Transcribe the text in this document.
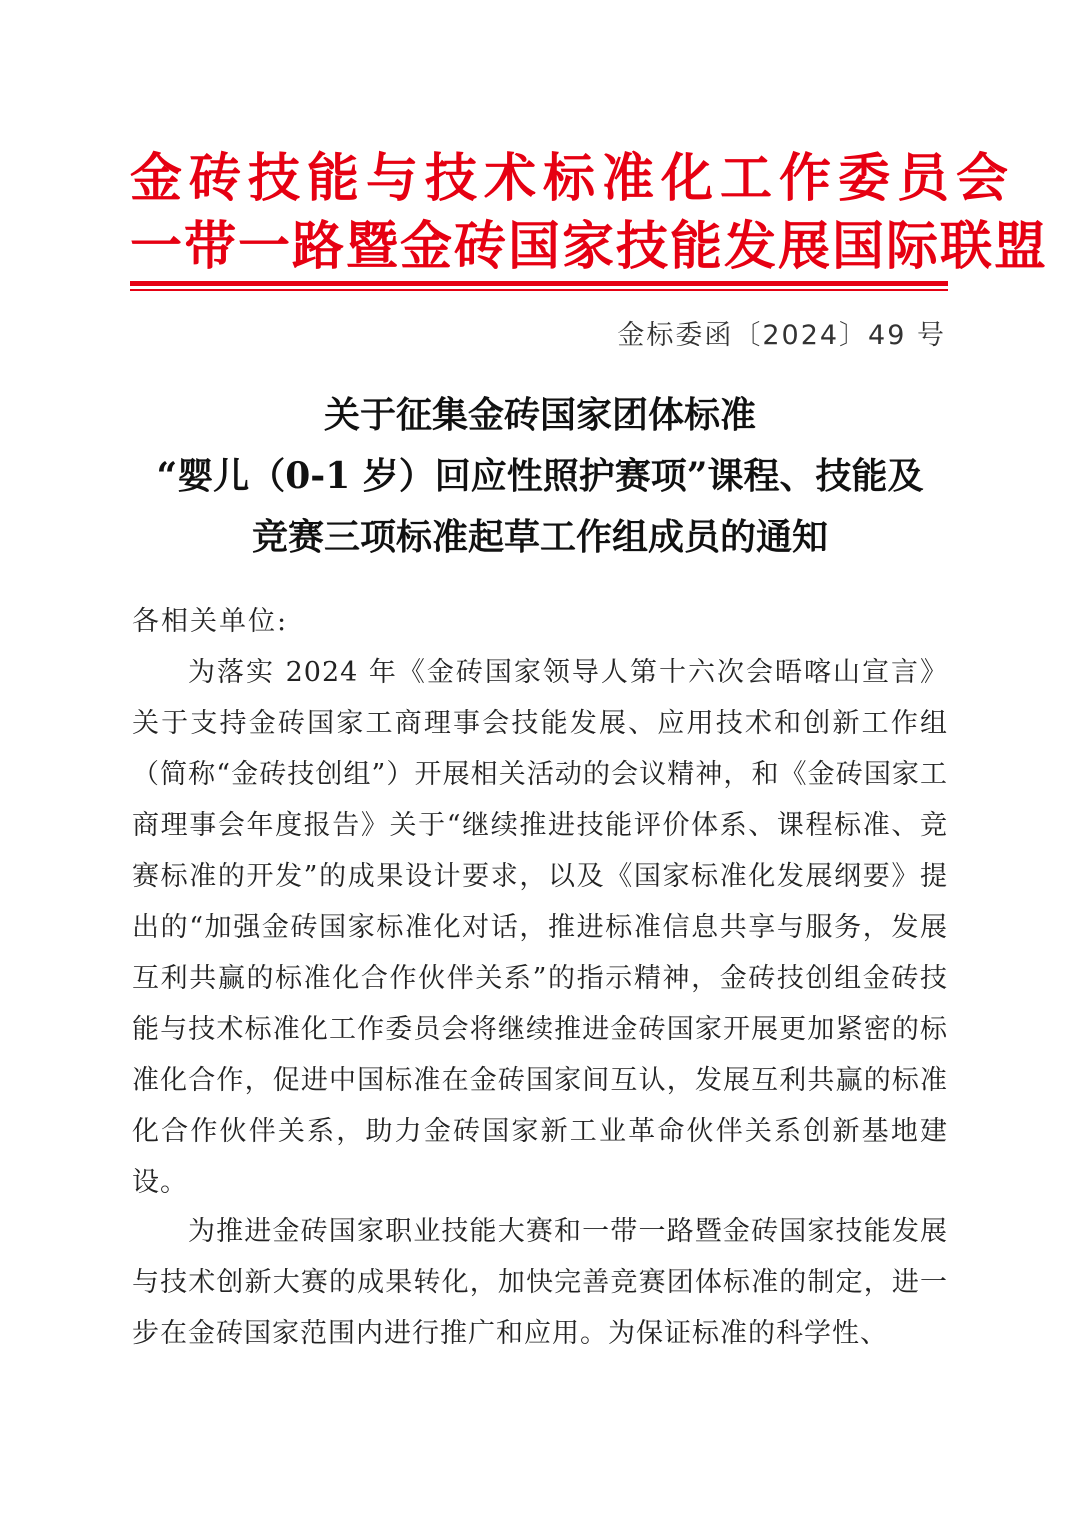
金砖技能与技术标准化工作委员会
一带一路暨金砖国家技能发展国际联盟
金标委函〔2024〕49 号
关于征集金砖国家团体标准
“婴儿（0-1 岁）回应性照护赛项”课程、技能及
竞赛三项标准起草工作组成员的通知
各相关单位:

为落实 2024 年《金砖国家领导人第十六次会晤喀山宣言》关于支持金砖国家工商理事会技能发展、应用技术和创新工作组（简称“金砖技创组”）开展相关活动的会议精神，和《金砖国家工商理事会年度报告》关于“继续推进技能评价体系、课程标准、竞赛标准的开发”的成果设计要求，以及《国家标准化发展纲要》提出的“加强金砖国家标准化对话，推进标准信息共享与服务，发展互利共赢的标准化合作伙伴关系”的指示精神，金砖技创组金砖技能与技术标准化工作委员会将继续推进金砖国家开展更加紧密的标准化合作，促进中国标准在金砖国家间互认，发展互利共赢的标准化合作伙伴关系，助力金砖国家新工业革命伙伴关系创新基地建设。

为推进金砖国家职业技能大赛和一带一路暨金砖国家技能发展与技术创新大赛的成果转化，加快完善竞赛团体标准的制定，进一步在金砖国家范围内进行推广和应用。为保证标准的科学性、
